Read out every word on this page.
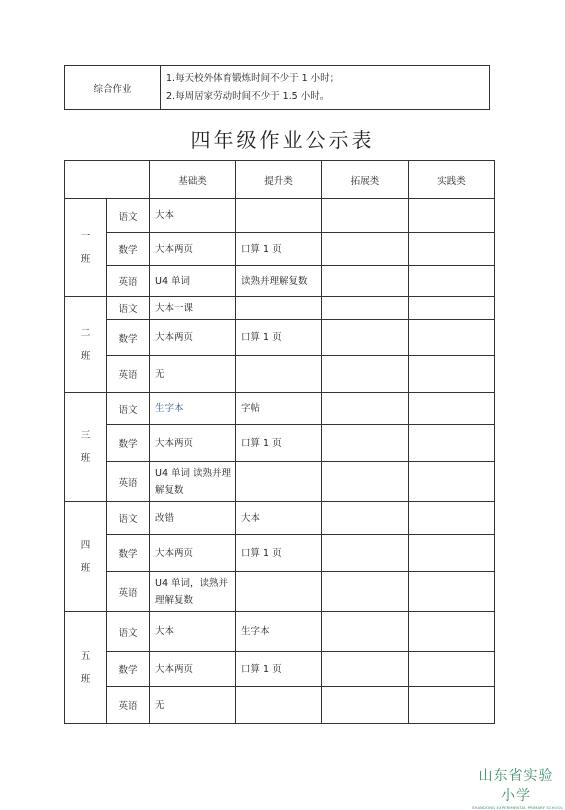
综合作业	
1.每天校外体育锻炼时间不少于 1 小时；
2.每周居家劳动时间不少于 1.5 小时。
四年级作业公示表
		基础类	提升类	拓展类	实践类

一
班	语文	大本			
	数学	大本两页	口算 1 页		
	英语	U4 单词	读熟并理解复数		

二
班	语文	大本一课			
	数学	大本两页	口算 1 页		
	英语	无			

三
班	语文	生字本	字帖		
	数学	大本两页	口算 1 页		
	英语	U4 单词 读熟并理解复数			

四
班	语文	改错	大本		
	数学	大本两页	口算 1 页		
	英语	U4 单词，读熟并理解复数			

五
班	语文	大本	生字本		
	数学	大本两页	口算 1 页		
	英语	无			
山东省实验小学
SHANDONG EXPERIMENTAL PRIMARY SCHOOL
